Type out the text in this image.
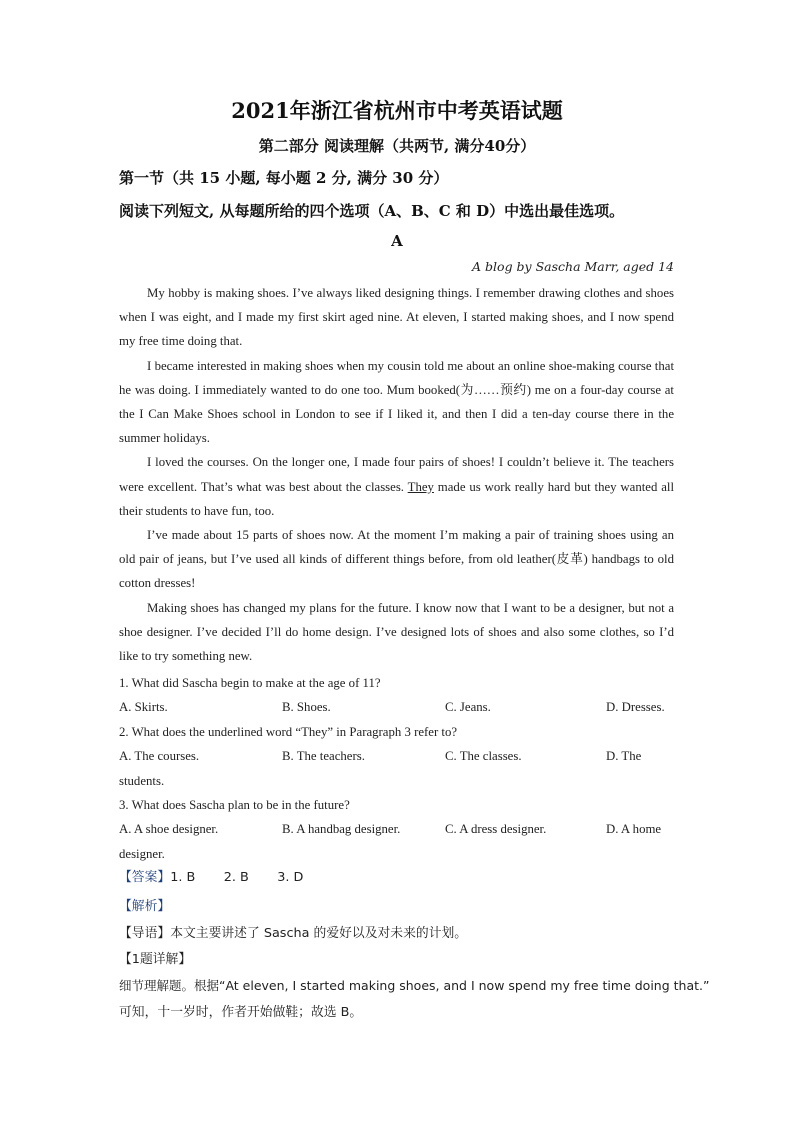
2021年浙江省杭州市中考英语试题
第二部分 阅读理解（共两节, 满分40分）
第一节（共 15 小题, 每小题 2 分, 满分 30 分）
阅读下列短文, 从每题所给的四个选项（A、B、C 和 D）中选出最佳选项。
A
A blog by Sascha Marr, aged 14

My hobby is making shoes. I’ve always liked designing things. I remember drawing clothes and shoes when I was eight, and I made my first skirt aged nine. At eleven, I started making shoes, and I now spend my free time doing that.

I became interested in making shoes when my cousin told me about an online shoe-making course that he was doing. I immediately wanted to do one too. Mum booked(为……预约) me on a four-day course at the I Can Make Shoes school in London to see if I liked it, and then I did a ten-day course there in the summer holidays.

I loved the courses. On the longer one, I made four pairs of shoes! I couldn’t believe it. The teachers were excellent. That’s what was best about the classes. They made us work really hard but they wanted all their students to have fun, too.

I’ve made about 15 parts of shoes now. At the moment I’m making a pair of training shoes using an old pair of jeans, but I’ve used all kinds of different things before, from old leather(皮革) handbags to old cotton dresses!

Making shoes has changed my plans for the future. I know now that I want to be a designer, but not a shoe designer. I’ve decided I’ll do home design. I’ve designed lots of shoes and also some clothes, so I’d like to try something new.

1. What did Sascha begin to make at the age of 11?
A. Skirts.	B. Shoes.	C. Jeans.	D. Dresses.
2. What does the underlined word “They” in Paragraph 3 refer to?
A. The courses.	B. The teachers.	C. The classes.	D. The
students.
3. What does Sascha plan to be in the future?
A. A shoe designer.	B. A handbag designer.	C. A dress designer.	D. A home
designer.
【答案】1. B       2. B       3. D
【解析】
【导语】本文主要讲述了 Sascha 的爱好以及对未来的计划。
【1题详解】
细节理解题。根据“At eleven, I started making shoes, and I now spend my free time doing that.”
可知，十一岁时，作者开始做鞋；故选 B。
